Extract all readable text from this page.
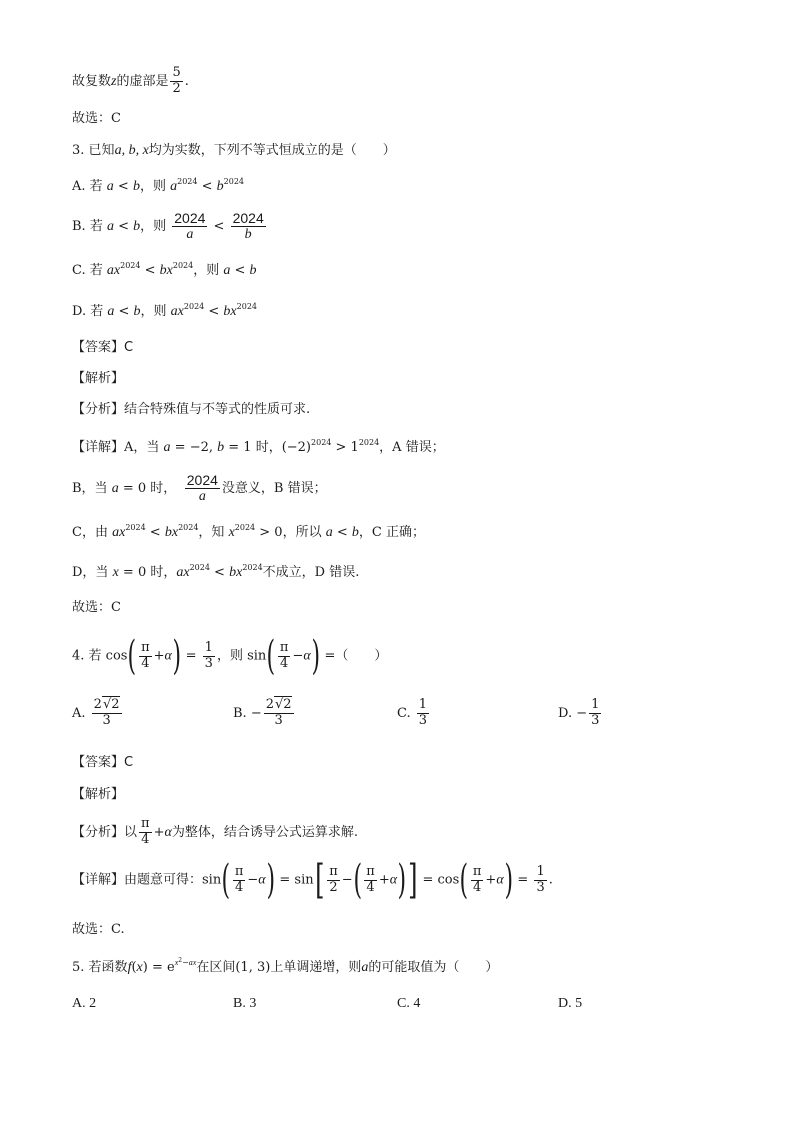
故复数z的虚部是 $\frac{5}{2}$ .
故选：C
3. 已知a, b, x均为实数，下列不等式恒成立的是（　　）
A. 若 a < b，则 $a^{2024} < b^{2024}$
B. 若 a < b，则 $\frac{2024}{a} < \frac{2024}{b}$
C. 若 $ax^{2024} < bx^{2024}$，则 a < b
D. 若 a < b，则 $ax^{2024} < bx^{2024}$
【答案】C
【解析】
【分析】结合特殊值与不等式的性质可求.
【详解】A，当 a = −2, b = 1 时，$(-2)^{2024} > 1^{2024}$，A 错误；
B，当 a = 0 时，　 $\frac{2024}{a}$ 没意义，B 错误；
C，由 $ax^{2024} < bx^{2024}$，知 $x^{2024} > 0$，所以 a < b，C 正确；
D，当 x = 0 时，$ax^{2024} < bx^{2024}$不成立，D 错误.
故选：C
4. 若 $\cos( \frac{\pi}{4} +\alpha) = \frac{1}{3}$ ，则 $\sin( \frac{\pi}{4} -\alpha)$ =（　　）
A. $\frac{2√2}{3}$	B. − $\frac{2√2}{3}$	C. $\frac{1}{3}$	D. − $\frac{1}{3}$
【答案】C
【解析】
【分析】以 $\frac{\pi}{4} +\alpha$为整体，结合诱导公式运算求解.
【详解】由题意可得：$\sin( \frac{\pi}{4} -\alpha) = \sin[ \frac{\pi}{2}$ −( $\frac{\pi}{4} +\alpha)] = \cos( \frac{\pi}{4} +\alpha) = \frac{1}{3}$ .
故选：C.
5. 若函数$f(x) = e^{x^2-ax}$在区间(1, 3)上单调递增，则a的可能取值为（　　）
A. 2	B. 3	C. 4	D. 5
